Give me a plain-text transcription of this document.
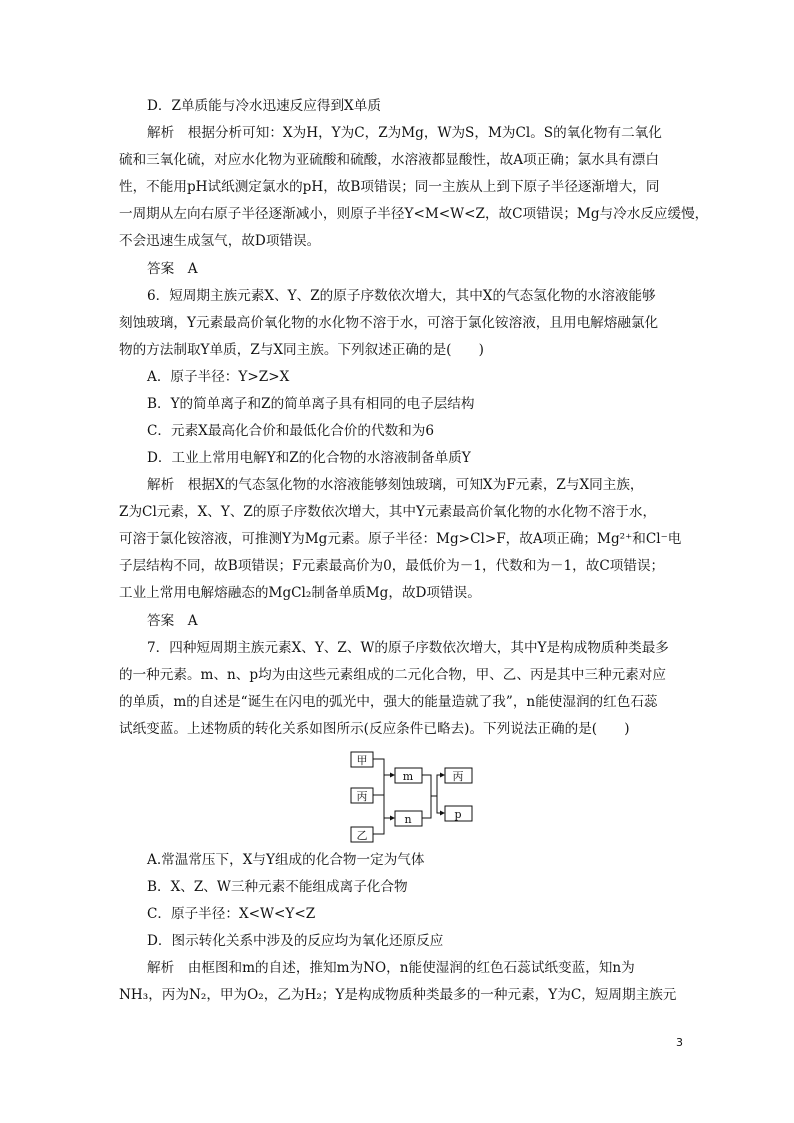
D．Z单质能与冷水迅速反应得到X单质
解析　根据分析可知：X为H，Y为C，Z为Mg，W为S，M为Cl。S的氧化物有二氧化
硫和三氧化硫，对应水化物为亚硫酸和硫酸，水溶液都显酸性，故A项正确；氯水具有漂白
性，不能用pH试纸测定氯水的pH，故B项错误；同一主族从上到下原子半径逐渐增大，同
一周期从左向右原子半径逐渐减小，则原子半径Y<M<W<Z，故C项错误；Mg与冷水反应缓慢，
不会迅速生成氢气，故D项错误。
答案　A
6．短周期主族元素X、Y、Z的原子序数依次增大，其中X的气态氢化物的水溶液能够
刻蚀玻璃，Y元素最高价氧化物的水化物不溶于水，可溶于氯化铵溶液，且用电解熔融氯化
物的方法制取Y单质，Z与X同主族。下列叙述正确的是(　　)
A．原子半径：Y>Z>X
B．Y的简单离子和Z的简单离子具有相同的电子层结构
C．元素X最高化合价和最低化合价的代数和为6
D．工业上常用电解Y和Z的化合物的水溶液制备单质Y
解析　根据X的气态氢化物的水溶液能够刻蚀玻璃，可知X为F元素，Z与X同主族，
Z为Cl元素，X、Y、Z的原子序数依次增大，其中Y元素最高价氧化物的水化物不溶于水，
可溶于氯化铵溶液，可推测Y为Mg元素。原子半径：Mg>Cl>F，故A项正确；Mg²⁺和Cl⁻电
子层结构不同，故B项错误；F元素最高价为0，最低价为－1，代数和为－1，故C项错误；
工业上常用电解熔融态的MgCl₂制备单质Mg，故D项错误。
答案　A
7．四种短周期主族元素X、Y、Z、W的原子序数依次增大，其中Y是构成物质种类最多
的一种元素。m、n、p均为由这些元素组成的二元化合物，甲、乙、丙是其中三种元素对应
的单质，m的自述是“诞生在闪电的弧光中，强大的能量造就了我”，n能使湿润的红色石蕊
试纸变蓝。上述物质的转化关系如图所示(反应条件已略去)。下列说法正确的是(　　)
A.常温常压下，X与Y组成的化合物一定为气体
B．X、Z、W三种元素不能组成离子化合物
C．原子半径：X<W<Y<Z
D．图示转化关系中涉及的反应均为氧化还原反应
解析　由框图和m的自述，推知m为NO，n能使湿润的红色石蕊试纸变蓝，知n为
NH₃，丙为N₂，甲为O₂，乙为H₂；Y是构成物质种类最多的一种元素，Y为C，短周期主族元
甲
丙
乙
m
n
丙
p
3
